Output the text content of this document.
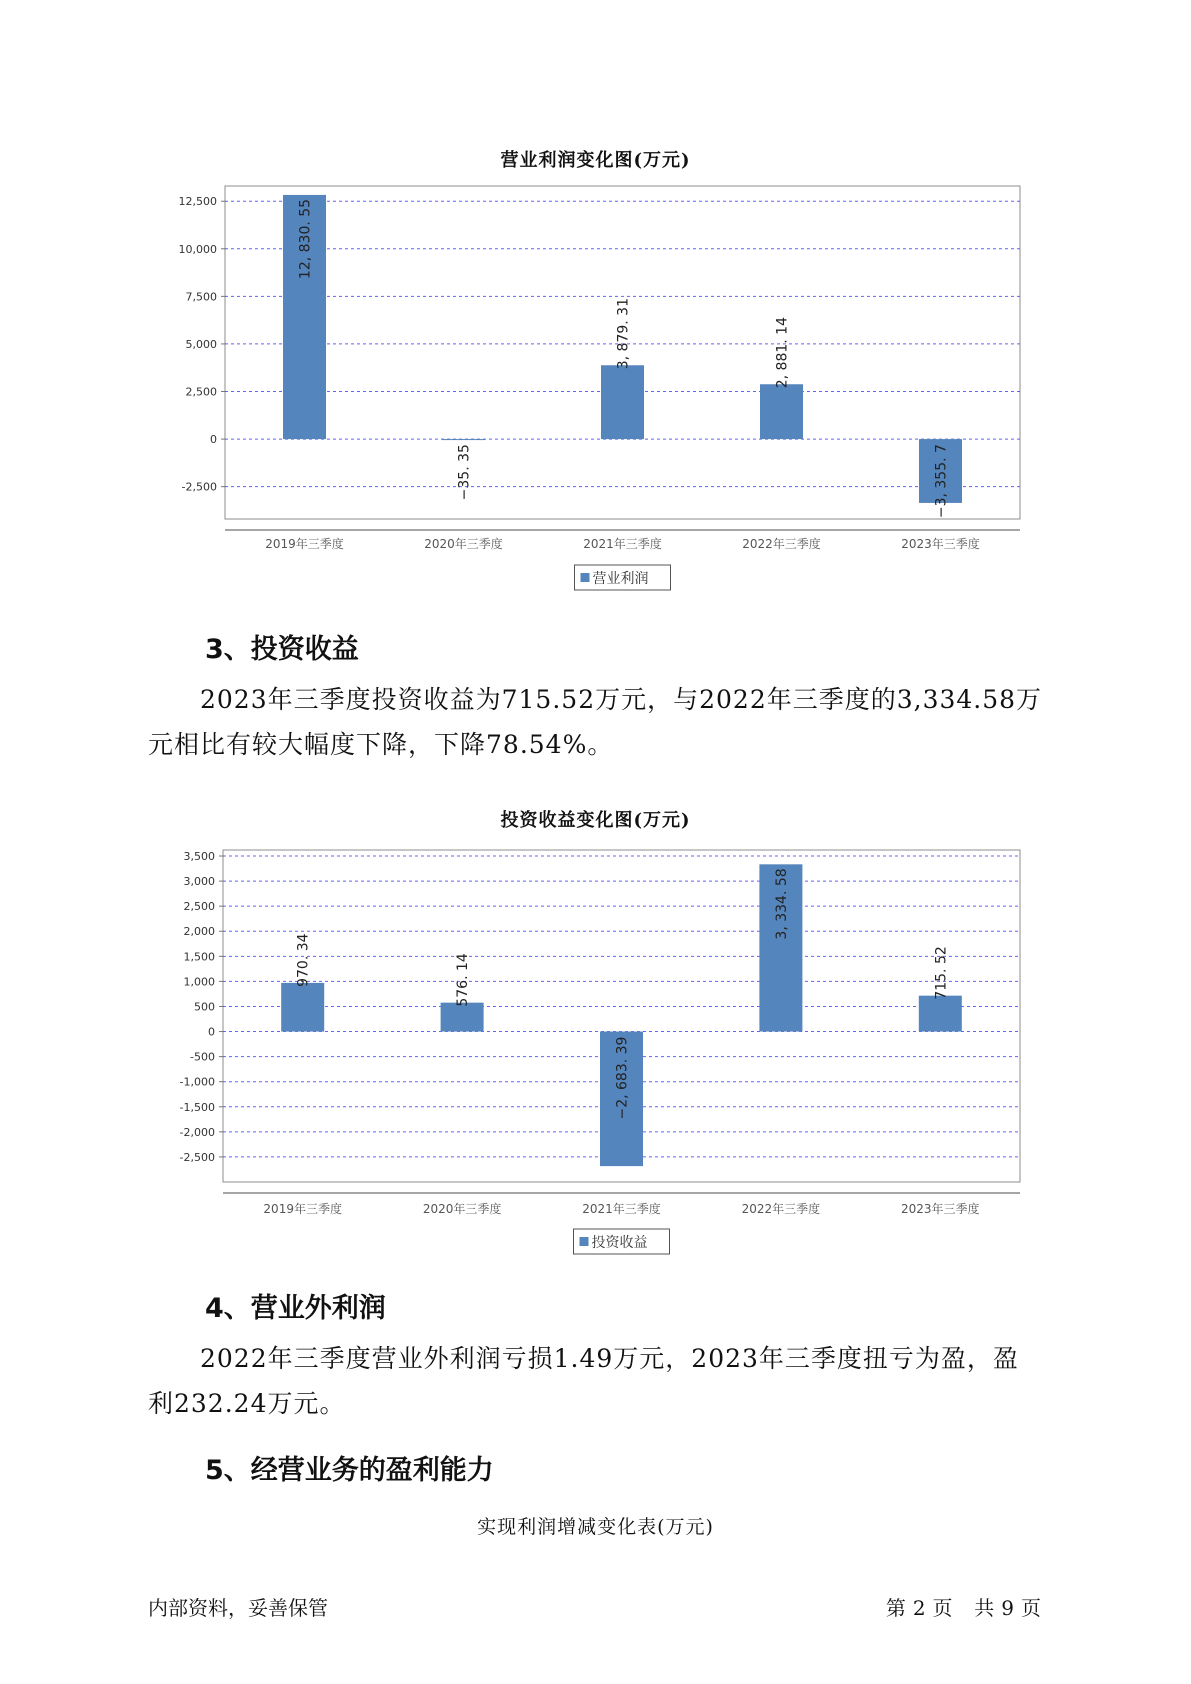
营业利润变化图(万元)
-2,500
0
2,500
5,000
7,500
10,000
12,500	12, 830. 55
2019年三季度
−35. 35
2020年三季度
3, 879. 31
2021年三季度
2, 881. 14
2022年三季度
−3, 355. 7
2023年三季度
营业利润
3、投资收益
2023年三季度投资收益为715.52万元，与2022年三季度的3,334.58万
元相比有较大幅度下降，下降78.54%。
投资收益变化图(万元)
-2,500
-2,000
-1,500
-1,000
-500
0
500
1,000
1,500
2,000
2,500
3,000
3,500
970. 34
2019年三季度
576. 14
2020年三季度
−2, 683. 39
2021年三季度
3, 334. 58
2022年三季度
715. 52
2023年三季度
投资收益
4、营业外利润
2022年三季度营业外利润亏损1.49万元，2023年三季度扭亏为盈，盈
利232.24万元。
5、经营业务的盈利能力
实现利润增减变化表(万元)
内部资料，妥善保管	第 2 页 共 9 页
